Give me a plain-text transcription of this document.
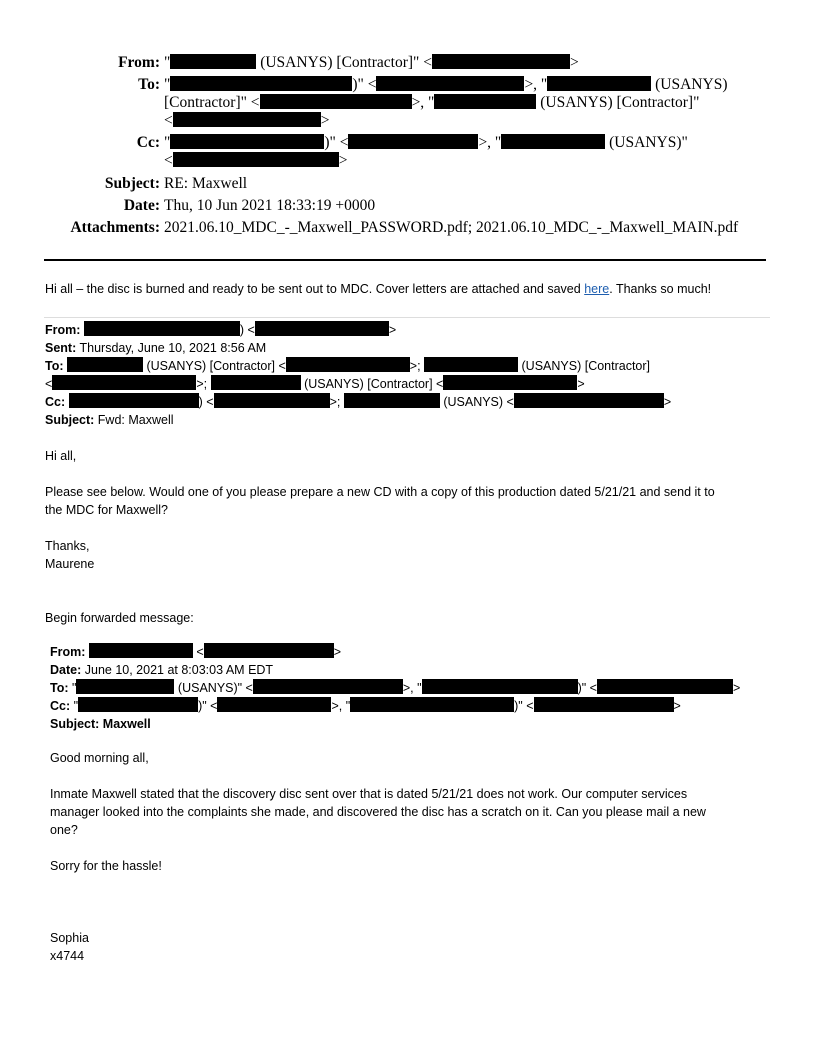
From: "	(USANYS) [Contractor]" <	>
To: "	)" <	>, "	(USANYS)
[Contractor]" <	>, "	(USANYS) [Contractor]"
<	>
Cc: "	)" <	>, "	(USANYS)"
<	>
Subject: RE: Maxwell
Date: Thu, 10 Jun 2021 18:33:19 +0000
Attachments: 2021.06.10_MDC_-_Maxwell_PASSWORD.pdf; 2021.06.10_MDC_-_Maxwell_MAIN.pdf
Hi all – the disc is burned and ready to be sent out to MDC. Cover letters are attached and saved here. Thanks so much!
From:	) <	>
Sent: Thursday, June 10, 2021 8:56 AM
To:	(USANYS) [Contractor] <	>;	(USANYS) [Contractor]
<	>;	(USANYS) [Contractor] <	>
Cc:	) <	>;	(USANYS) <	>
Subject: Fwd: Maxwell
Hi all,
Please see below. Would one of you please prepare a new CD with a copy of this production dated 5/21/21 and send it to
the MDC for Maxwell?
Thanks,
Maurene
Begin forwarded message:
From:	<	>
Date: June 10, 2021 at 8:03:03 AM EDT
To: "	(USANYS)" <	>, "	)" <	>
Cc: "	)" <	>, "	)" <	>
Subject: Maxwell
Good morning all,
Inmate Maxwell stated that the discovery disc sent over that is dated 5/21/21 does not work. Our computer services
manager looked into the complaints she made, and discovered the disc has a scratch on it. Can you please mail a new
one?
Sorry for the hassle!
Sophia
x4744
